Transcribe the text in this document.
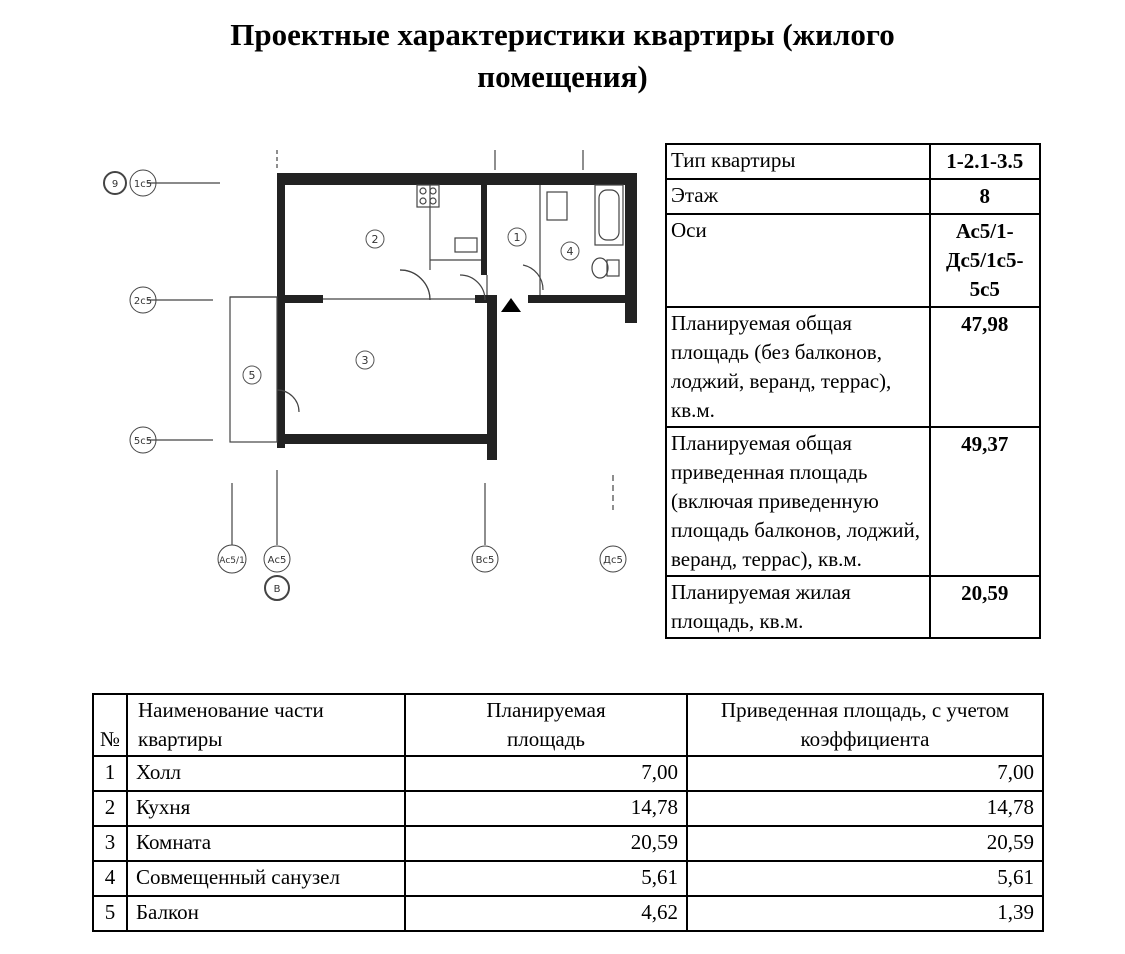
Проектные характеристики квартиры (жилого
помещения)
1
2
3
4
5
9 1с5
2с5
5с5
Ас5/1 Ас5
В
Вс5	Дс5
Тип квартиры	1-2.1-3.5
Этаж	8
Оси	Ас5/1-Дс5/1с5-5с5
Планируемая общая площадь (без балконов, лоджий, веранд, террас), кв.м.	47,98
Планируемая общая приведенная площадь (включая приведенную площадь балконов, лоджий, веранд, террас), кв.м.	49,37
Планируемая жилая площадь, кв.м.	20,59
№	Наименование части квартиры	Планируемая площадь	Приведенная площадь, с учетом коэффициента
1	Холл	7,00	7,00
2	Кухня	14,78	14,78
3	Комната	20,59	20,59
4	Совмещенный санузел	5,61	5,61
5	Балкон	4,62	1,39
